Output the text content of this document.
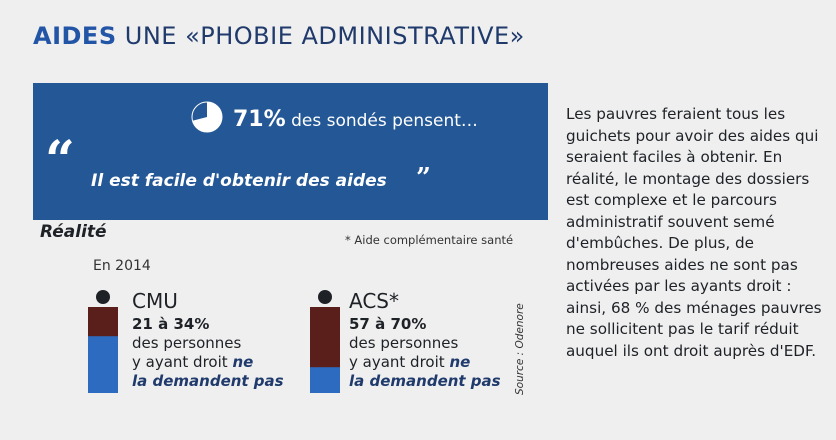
AIDES UNE «PHOBIE ADMINISTRATIVE»
71% des sondés pensent…
“ Il est facile d'obtenir des aides ”
Réalité	* Aide complémentaire santé
En 2014
CMU
21 à 34%
des personnes
y ayant droit ne
la demandent pas
ACS*
57 à 70%
des personnes
y ayant droit ne
la demandent pas Source : Odenore
Les pauvres feraient tous les guichets pour avoir des aides qui seraient faciles à obtenir. En réalité, le montage des dossiers est complexe et le parcours administratif souvent semé d'embûches. De plus, de nombreuses aides ne sont pas activées par les ayants droit : ainsi, 68 % des ménages pauvres ne sollicitent pas le tarif réduit auquel ils ont droit auprès d'EDF.
